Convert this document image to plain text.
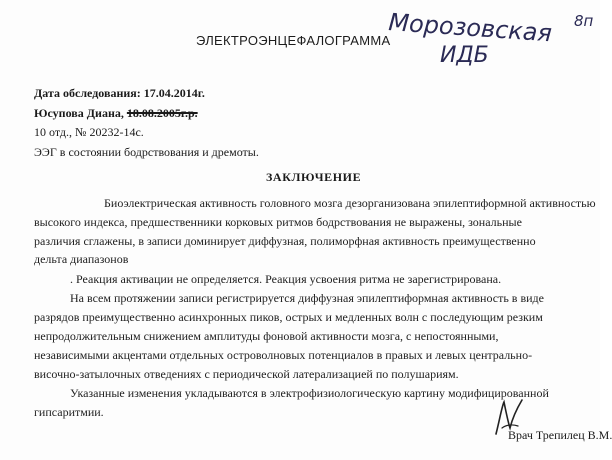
ЭЛЕКТРОЭНЦЕФАЛОГРАММА
Морозовская
ИДБ
8п
Дата обследования: 17.04.2014г.
Юсупова Диана, 18.08.2005г.р.
10 отд., № 20232-14с.
ЭЭГ в состоянии бодрствования и дремоты.
ЗАКЛЮЧЕНИЕ
Биоэлектрическая активность головного мозга дезорганизована эпилептиформной активностью
высокого индекса, предшественники корковых ритмов бодрствования не выражены, зональные
различия сглажены, в записи доминирует диффузная, полиморфная активность преимущественно
дельта диапазонов
. Реакция активации не определяется. Реакция усвоения ритма не зарегистрирована.
На всем протяжении записи регистрируется диффузная эпилептиформная активность в виде
разрядов преимущественно асинхронных пиков, острых и медленных волн с последующим резким
непродолжительным снижением амплитуды фоновой активности мозга, с непостоянными,
независимыми акцентами отдельных островолновых потенциалов в правых и левых центрально-
височно-затылочных отведениях с периодической латерализацией по полушариям.
Указанные изменения укладываются в электрофизиологическую картину модифицированной
гипсаритмии.
Врач Трепилец В.М.
